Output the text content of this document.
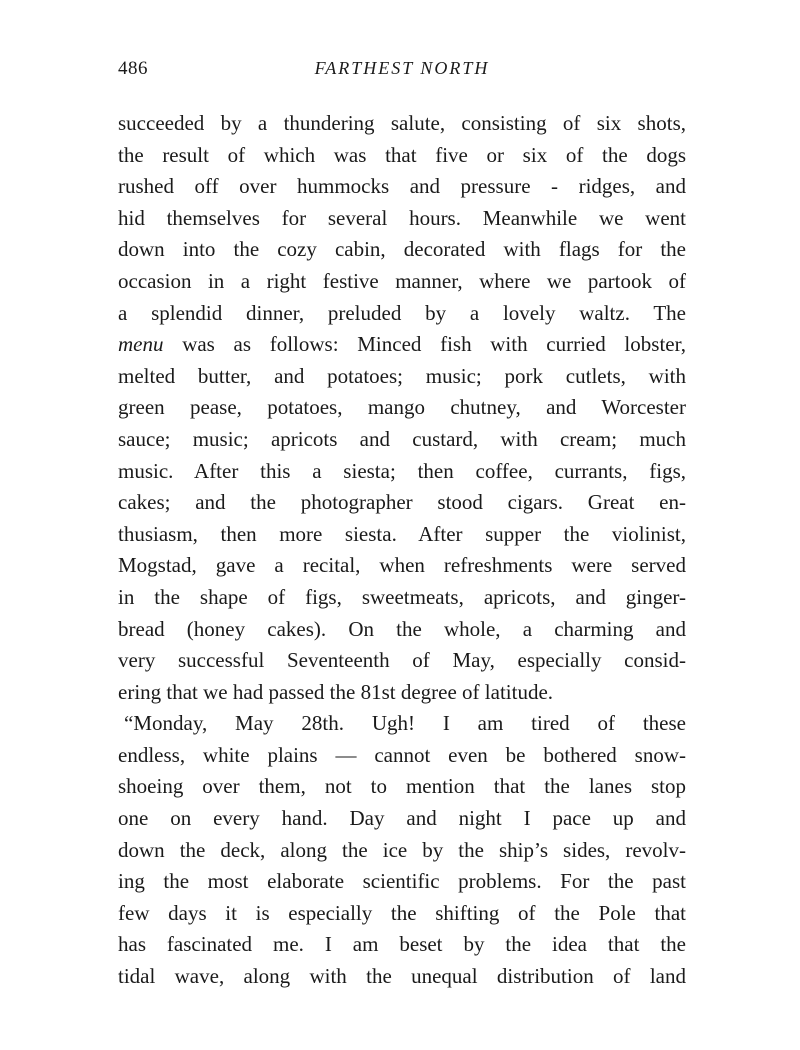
486	FARTHEST NORTH
succeeded by a thundering salute, consisting of six shots,
the result of which was that five or six of the dogs
rushed off over hummocks and pressure - ridges, and
hid themselves for several hours. Meanwhile we went
down into the cozy cabin, decorated with flags for the
occasion in a right festive manner, where we partook of
a splendid dinner, preluded by a lovely waltz. The
menu was as follows: Minced fish with curried lobster,
melted butter, and potatoes; music; pork cutlets, with
green pease, potatoes, mango chutney, and Worcester
sauce; music; apricots and custard, with cream; much
music. After this a siesta; then coffee, currants, figs,
cakes; and the photographer stood cigars. Great en-
thusiasm, then more siesta. After supper the violinist,
Mogstad, gave a recital, when refreshments were served
in the shape of figs, sweetmeats, apricots, and ginger-
bread (honey cakes). On the whole, a charming and
very successful Seventeenth of May, especially consid-
ering that we had passed the 81st degree of latitude.
“Monday, May 28th. Ugh! I am tired of these
endless, white plains — cannot even be bothered snow-
shoeing over them, not to mention that the lanes stop
one on every hand. Day and night I pace up and
down the deck, along the ice by the ship’s sides, revolv-
ing the most elaborate scientific problems. For the past
few days it is especially the shifting of the Pole that
has fascinated me. I am beset by the idea that the
tidal wave, along with the unequal distribution of land
